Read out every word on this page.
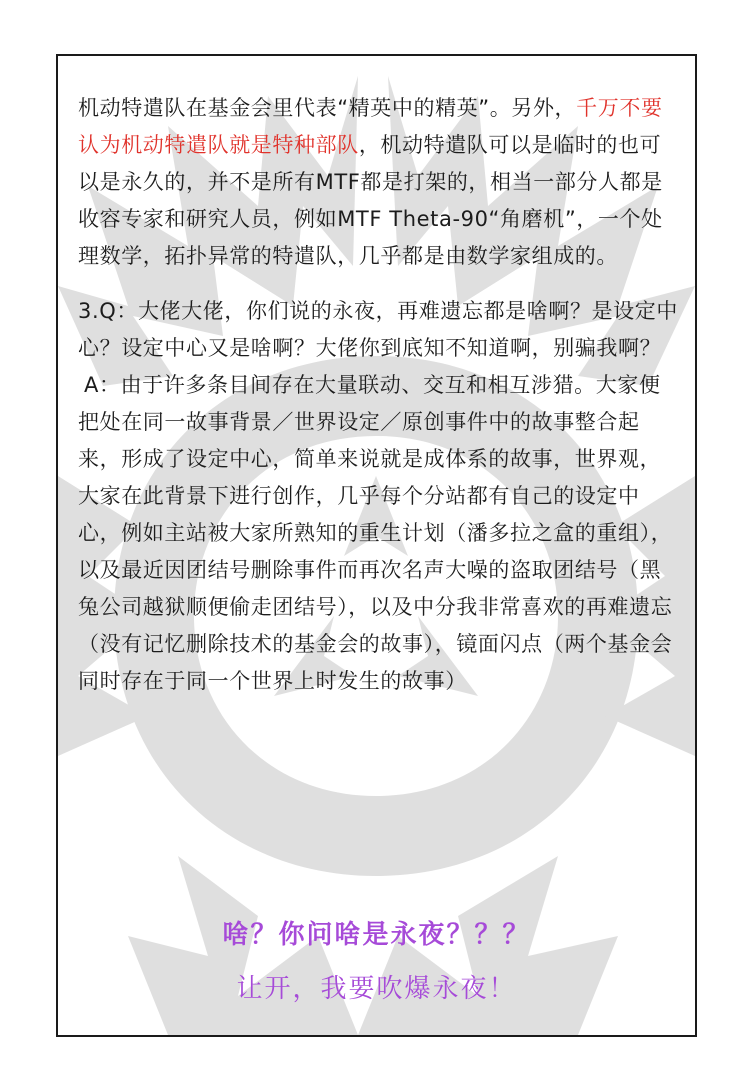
机动特遣队在基金会里代表“精英中的精英”。另外，千万不要认为机动特遣队就是特种部队，机动特遣队可以是临时的也可以是永久的，并不是所有MTF都是打架的，相当一部分人都是收容专家和研究人员，例如MTF Theta-90“角磨机”，一个处理数学，拓扑异常的特遣队，几乎都是由数学家组成的。

3.Q：大佬大佬，你们说的永夜，再难遗忘都是啥啊？是设定中心？设定中心又是啥啊？大佬你到底知不知道啊，别骗我啊？

A：由于许多条目间存在大量联动、交互和相互涉猎。大家便把处在同一故事背景／世界设定／原创事件中的故事整合起来，形成了设定中心，简单来说就是成体系的故事，世界观，大家在此背景下进行创作，几乎每个分站都有自己的设定中心，例如主站被大家所熟知的重生计划（潘多拉之盒的重组），以及最近因团结号删除事件而再次名声大噪的盗取团结号（黑兔公司越狱顺便偷走团结号），以及中分我非常喜欢的再难遗忘（没有记忆删除技术的基金会的故事），镜面闪点（两个基金会同时存在于同一个世界上时发生的故事）

啥？你问啥是永夜？？？
让开，我要吹爆永夜！
